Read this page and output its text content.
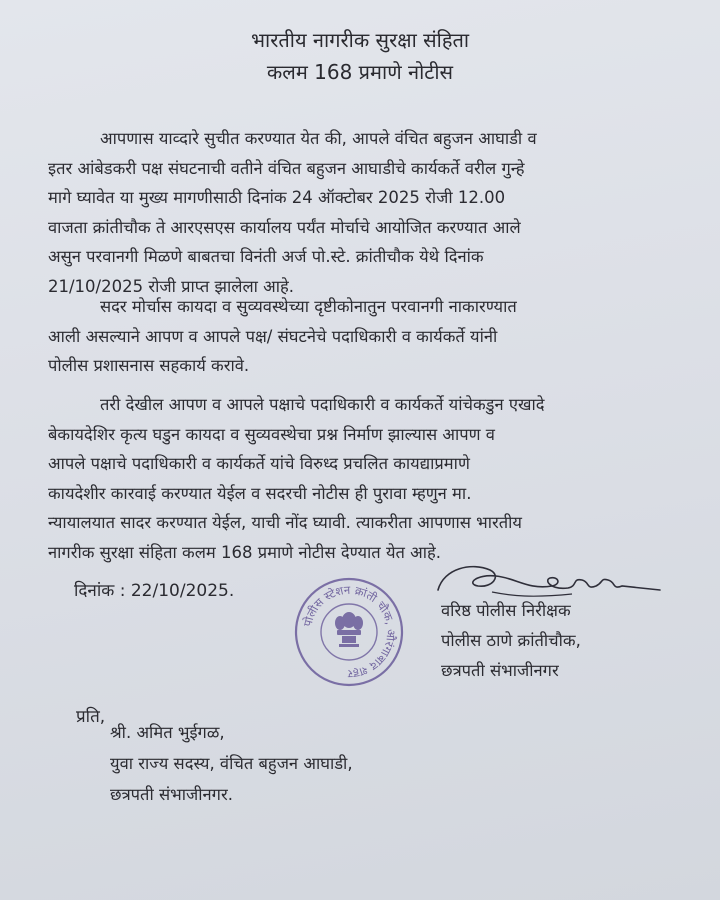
भारतीय नागरीक सुरक्षा संहिता
कलम 168 प्रमाणे नोटीस
आपणास याव्दारे सुचीत करण्यात येत की, आपले वंचित बहुजन आघाडी व
इतर आंबेडकरी पक्ष संघटनाची वतीने वंचित बहुजन आघाडीचे कार्यकर्ते वरील गुन्हे
मागे घ्यावेत या मुख्य मागणीसाठी दिनांक 24 ऑक्टोबर 2025 रोजी 12.00
वाजता क्रांतीचौक ते आरएसएस कार्यालय पर्यंत मोर्चाचे आयोजित करण्यात आले
असुन परवानगी मिळणे बाबतचा विनंती अर्ज पो.स्टे. क्रांतीचौक येथे दिनांक
21/10/2025 रोजी प्राप्त झालेला आहे.
सदर मोर्चास कायदा व सुव्यवस्थेच्या दृष्टीकोनातुन परवानगी नाकारण्यात
आली असल्याने आपण व आपले पक्ष/ संघटनेचे पदाधिकारी व कार्यकर्ते यांनी
पोलीस प्रशासनास सहकार्य करावे.
तरी देखील आपण व आपले पक्षाचे पदाधिकारी व कार्यकर्ते यांचेकडुन एखादे
बेकायदेशिर कृत्य घडुन कायदा व सुव्यवस्थेचा प्रश्न निर्माण झाल्यास आपण व
आपले पक्षाचे पदाधिकारी व कार्यकर्ते यांचे विरुध्द प्रचलित कायद्याप्रमाणे
कायदेशीर कारवाई करण्यात येईल व सदरची नोटीस ही पुरावा म्हणुन मा.
न्यायालयात सादर करण्यात येईल, याची नोंद घ्यावी. त्याकरीता आपणास भारतीय
नागरीक सुरक्षा संहिता कलम 168 प्रमाणे नोटीस देण्यात येत आहे.
दिनांक : 22/10/2025.
पोलीस स्टेशन क्रांती चौक, औरंगाबाद शहर
वरिष्ठ पोलीस निरीक्षक
पोलीस ठाणे क्रांतीचौक,
छत्रपती संभाजीनगर
प्रति,
श्री. अमित भुईगळ,
युवा राज्य सदस्य, वंचित बहुजन आघाडी,
छत्रपती संभाजीनगर.
